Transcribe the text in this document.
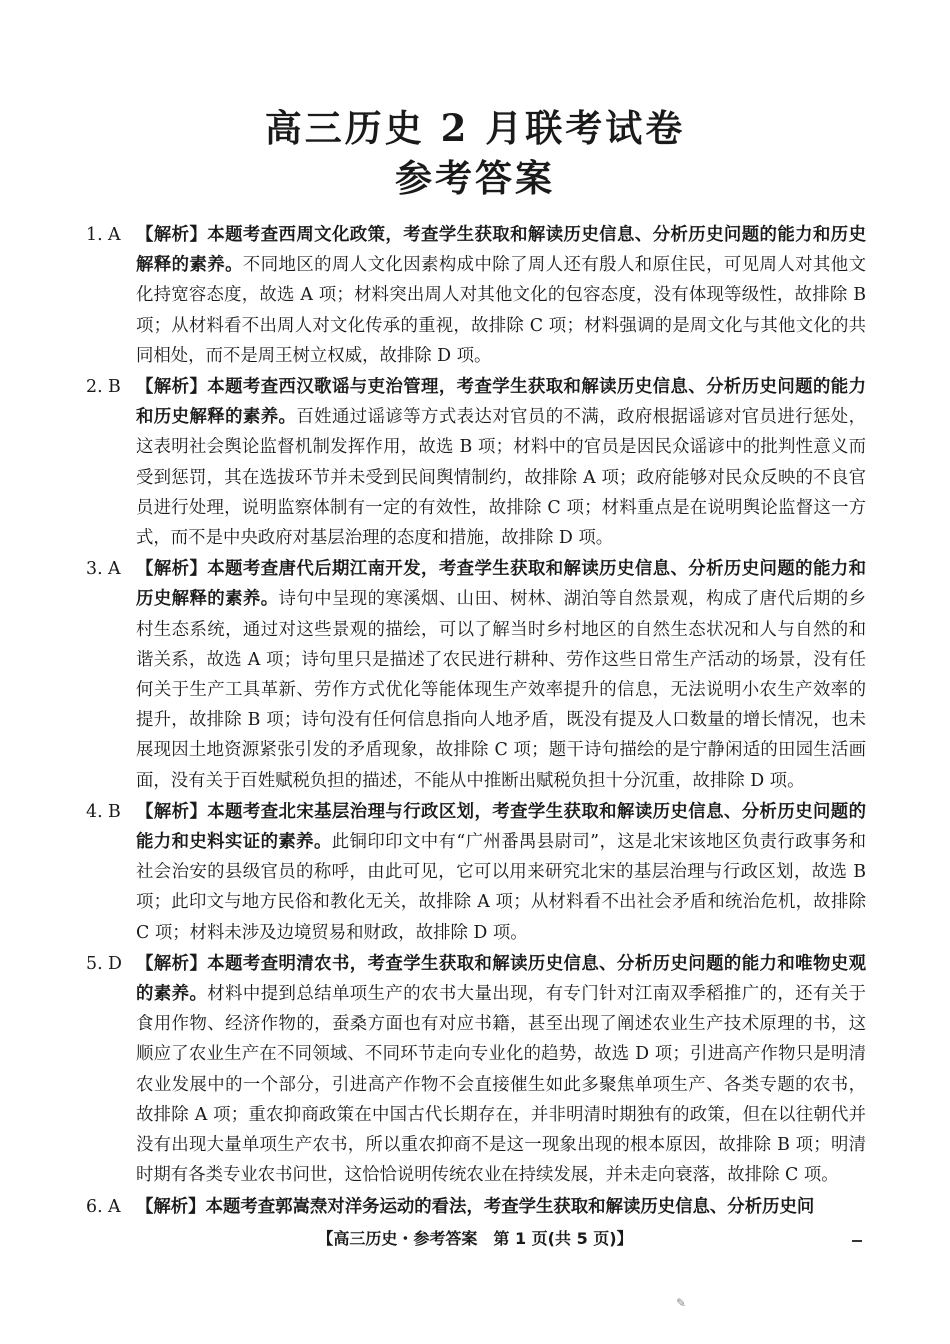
高三历史 2 月联考试卷
参考答案
1. A 【解析】本题考查西周文化政策，考查学生获取和解读历史信息、分析历史问题的能力和历史解释的素养。不同地区的周人文化因素构成中除了周人还有殷人和原住民，可见周人对其他文化持宽容态度，故选 A 项；材料突出周人对其他文化的包容态度，没有体现等级性，故排除 B 项；从材料看不出周人对文化传承的重视，故排除 C 项；材料强调的是周文化与其他文化的共同相处，而不是周王树立权威，故排除 D 项。
2. B 【解析】本题考查西汉歌谣与吏治管理，考查学生获取和解读历史信息、分析历史问题的能力和历史解释的素养。百姓通过谣谚等方式表达对官员的不满，政府根据谣谚对官员进行惩处，这表明社会舆论监督机制发挥作用，故选 B 项；材料中的官员是因民众谣谚中的批判性意义而受到惩罚，其在选拔环节并未受到民间舆情制约，故排除 A 项；政府能够对民众反映的不良官员进行处理，说明监察体制有一定的有效性，故排除 C 项；材料重点是在说明舆论监督这一方式，而不是中央政府对基层治理的态度和措施，故排除 D 项。
3. A 【解析】本题考查唐代后期江南开发，考查学生获取和解读历史信息、分析历史问题的能力和历史解释的素养。诗句中呈现的寒溪烟、山田、树林、湖泊等自然景观，构成了唐代后期的乡村生态系统，通过对这些景观的描绘，可以了解当时乡村地区的自然生态状况和人与自然的和谐关系，故选 A 项；诗句里只是描述了农民进行耕种、劳作这些日常生产活动的场景，没有任何关于生产工具革新、劳作方式优化等能体现生产效率提升的信息，无法说明小农生产效率的提升，故排除 B 项；诗句没有任何信息指向人地矛盾，既没有提及人口数量的增长情况，也未展现因土地资源紧张引发的矛盾现象，故排除 C 项；题干诗句描绘的是宁静闲适的田园生活画面，没有关于百姓赋税负担的描述，不能从中推断出赋税负担十分沉重，故排除 D 项。
4. B 【解析】本题考查北宋基层治理与行政区划，考查学生获取和解读历史信息、分析历史问题的能力和史料实证的素养。此铜印印文中有“广州番禺县尉司”，这是北宋该地区负责行政事务和社会治安的县级官员的称呼，由此可见，它可以用来研究北宋的基层治理与行政区划，故选 B 项；此印文与地方民俗和教化无关，故排除 A 项；从材料看不出社会矛盾和统治危机，故排除 C 项；材料未涉及边境贸易和财政，故排除 D 项。
5. D 【解析】本题考查明清农书，考查学生获取和解读历史信息、分析历史问题的能力和唯物史观的素养。材料中提到总结单项生产的农书大量出现，有专门针对江南双季稻推广的，还有关于食用作物、经济作物的，蚕桑方面也有对应书籍，甚至出现了阐述农业生产技术原理的书，这顺应了农业生产在不同领域、不同环节走向专业化的趋势，故选 D 项；引进高产作物只是明清农业发展中的一个部分，引进高产作物不会直接催生如此多聚焦单项生产、各类专题的农书，故排除 A 项；重农抑商政策在中国古代长期存在，并非明清时期独有的政策，但在以往朝代并没有出现大量单项生产农书，所以重农抑商不是这一现象出现的根本原因，故排除 B 项；明清时期有各类专业农书问世，这恰恰说明传统农业在持续发展，并未走向衰落，故排除 C 项。
6. A 【解析】本题考查郭嵩焘对洋务运动的看法，考查学生获取和解读历史信息、分析历史问
【高三历史・参考答案　第 1 页(共 5 页)】
✎
